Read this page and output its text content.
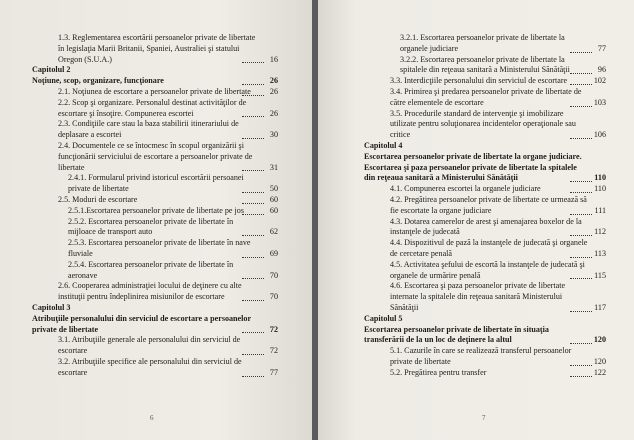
1.3. Reglementarea escortării persoanelor private de libertate în legislaţia Marii Britanii, Spaniei, Australiei şi statului Oregon (S.U.A.)	16
Capitolul 2
Noţiune, scop, organizare, funcţionare	26
2.1. Noţiunea de escortare a persoanelor private de libertate	26
2.2. Scop şi organizare. Personalul destinat activităţilor de escortare şi însoţire. Compunerea escortei	26
2.3. Condiţiile care stau la baza stabilirii itinerariului de deplasare a escortei	30
2.4. Documentele ce se întocmesc în scopul organizării şi funcţionării serviciului de escortare a persoanelor private de libertate	31
2.4.1. Formularul privind istoricul escortării persoanei private de libertate	50
2.5. Moduri de escortare	60
2.5.1.Escortarea persoanelor private de libertate pe jos	60
2.5.2. Escortarea persoanelor private de libertate în mijloace de transport auto	62
2.5.3. Escortarea persoanelor private de libertate în nave fluviale	69
2.5.4. Escortarea persoanelor private de libertate în aeronave	70
2.6. Cooperarea administraţiei locului de deţinere cu alte instituţii pentru îndeplinirea misiunilor de escortare	70
Capitolul 3
Atribuţiile personalului din serviciul de escortare a persoanelor private de libertate	72
3.1. Atribuţiile generale ale personalului din serviciul de escortare	72
3.2. Atribuţiile specifice ale personalului din serviciul de escortare	77
6
3.2.1. Escortarea persoanelor private de libertate la organele judiciare	77
3.2.2. Escortarea persoanelor private de libertate la spitalele din reţeaua sanitară a Ministerului Sănătăţii	96
3.3. Interdicţiile personalului din serviciul de escortare	102
3.4. Primirea şi predarea persoanelor private de libertate de către elementele de escortare	103
3.5. Procedurile standard de intervenţie şi imobilizare utilizate pentru soluţionarea incidentelor operaţionale sau critice	106
Capitolul 4
Escortarea persoanelor private de libertate la organe judiciare. Escortarea şi paza persoanelor private de libertate la spitalele din reţeaua sanitară a Ministerului Sănătăţii	110
4.1. Compunerea escortei la organele judiciare	110
4.2. Pregătirea persoanelor private de libertate ce urmează să fie escortate la organe judiciare	111
4.3. Dotarea camerelor de arest şi amenajarea boxelor de la instanţele de judecată	112
4.4. Dispozitivul de pază la instanţele de judecată şi organele de cercetare penală	113
4.5. Activitatea şefului de escortă la instanţele de judecată şi organele de urmărire penală	115
4.6. Escortarea şi paza persoanelor private de libertate internate la spitalele din reţeaua sanitară Ministerului Sănătăţii	117
Capitolul 5
Escortarea persoanelor private de libertate în situaţia transferării de la un loc de deţinere la altul	120
5.1. Cazurile în care se realizează transferul persoanelor private de libertate	120
5.2. Pregătirea pentru transfer	122
7
